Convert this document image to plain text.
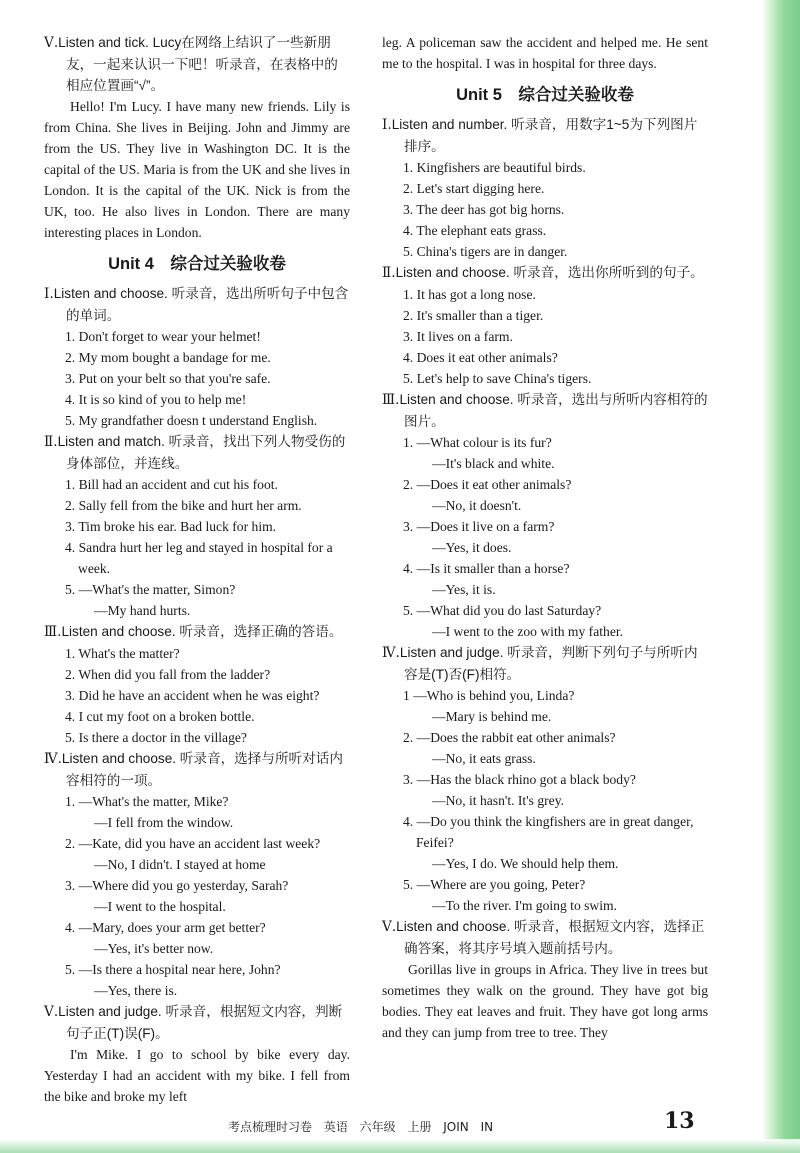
Ⅴ.Listen and tick. Lucy在网络上结识了一些新朋友，一起来认识一下吧！听录音，在表格中的相应位置画“√”。
Hello! I'm Lucy. I have many new friends. Lily is from China. She lives in Beijing. John and Jimmy are from the US. They live in Washington DC. It is the capital of the US. Maria is from the UK and she lives in London. It is the capital of the UK. Nick is from the UK, too. He also lives in London. There are many interesting places in London.
Unit 4　综合过关验收卷
Ⅰ.Listen and choose. 听录音，选出所听句子中包含的单词。
1. Don't forget to wear your helmet!
2. My mom bought a bandage for me.
3. Put on your belt so that you're safe.
4. It is so kind of you to help me!
5. My grandfather doesn t understand English.
Ⅱ.Listen and match. 听录音，找出下列人物受伤的身体部位，并连线。
1. Bill had an accident and cut his foot.
2. Sally fell from the bike and hurt her arm.
3. Tim broke his ear. Bad luck for him.
4. Sandra hurt her leg and stayed in hospital for a week.
5. —What's the matter, Simon?
—My hand hurts.
Ⅲ.Listen and choose. 听录音，选择正确的答语。
1. What's the matter?
2. When did you fall from the ladder?
3. Did he have an accident when he was eight?
4. I cut my foot on a broken bottle.
5. Is there a doctor in the village?
Ⅳ.Listen and choose. 听录音，选择与所听对话内容相符的一项。
1. —What's the matter, Mike?
—I fell from the window.
2. —Kate, did you have an accident last week?
—No, I didn't. I stayed at home
3. —Where did you go yesterday, Sarah?
—I went to the hospital.
4. —Mary, does your arm get better?
—Yes, it's better now.
5. —Is there a hospital near here, John?
—Yes, there is.
Ⅴ.Listen and judge. 听录音，根据短文内容，判断句子正(T)误(F)。
I'm Mike. I go to school by bike every day. Yesterday I had an accident with my bike. I fell from the bike and broke my left
leg. A policeman saw the accident and helped me. He sent me to the hospital. I was in hospital for three days.
Unit 5　综合过关验收卷
Ⅰ.Listen and number. 听录音，用数字1~5为下列图片排序。
1. Kingfishers are beautiful birds.
2. Let's start digging here.
3. The deer has got big horns.
4. The elephant eats grass.
5. China's tigers are in danger.
Ⅱ.Listen and choose. 听录音，选出你所听到的句子。
1. It has got a long nose.
2. It's smaller than a tiger.
3. It lives on a farm.
4. Does it eat other animals?
5. Let's help to save China's tigers.
Ⅲ.Listen and choose. 听录音，选出与所听内容相符的图片。
1. —What colour is its fur?
—It's black and white.
2. —Does it eat other animals?
—No, it doesn't.
3. —Does it live on a farm?
—Yes, it does.
4. —Is it smaller than a horse?
—Yes, it is.
5. —What did you do last Saturday?
—I went to the zoo with my father.
Ⅳ.Listen and judge. 听录音，判断下列句子与所听内容是(T)否(F)相符。
1 —Who is behind you, Linda?
—Mary is behind me.
2. —Does the rabbit eat other animals?
—No, it eats grass.
3. —Has the black rhino got a black body?
—No, it hasn't. It's grey.
4. —Do you think the kingfishers are in great danger, Feifei?
—Yes, I do. We should help them.
5. —Where are you going, Peter?
—To the river. I'm going to swim.
Ⅴ.Listen and choose. 听录音，根据短文内容，选择正确答案，将其序号填入题前括号内。
Gorillas live in groups in Africa. They live in trees but sometimes they walk on the ground. They have got big bodies. They eat leaves and fruit. They have got long arms and they can jump from tree to tree. They
考点梳理时习卷 英语 六年级 上册 JOIN IN	13
